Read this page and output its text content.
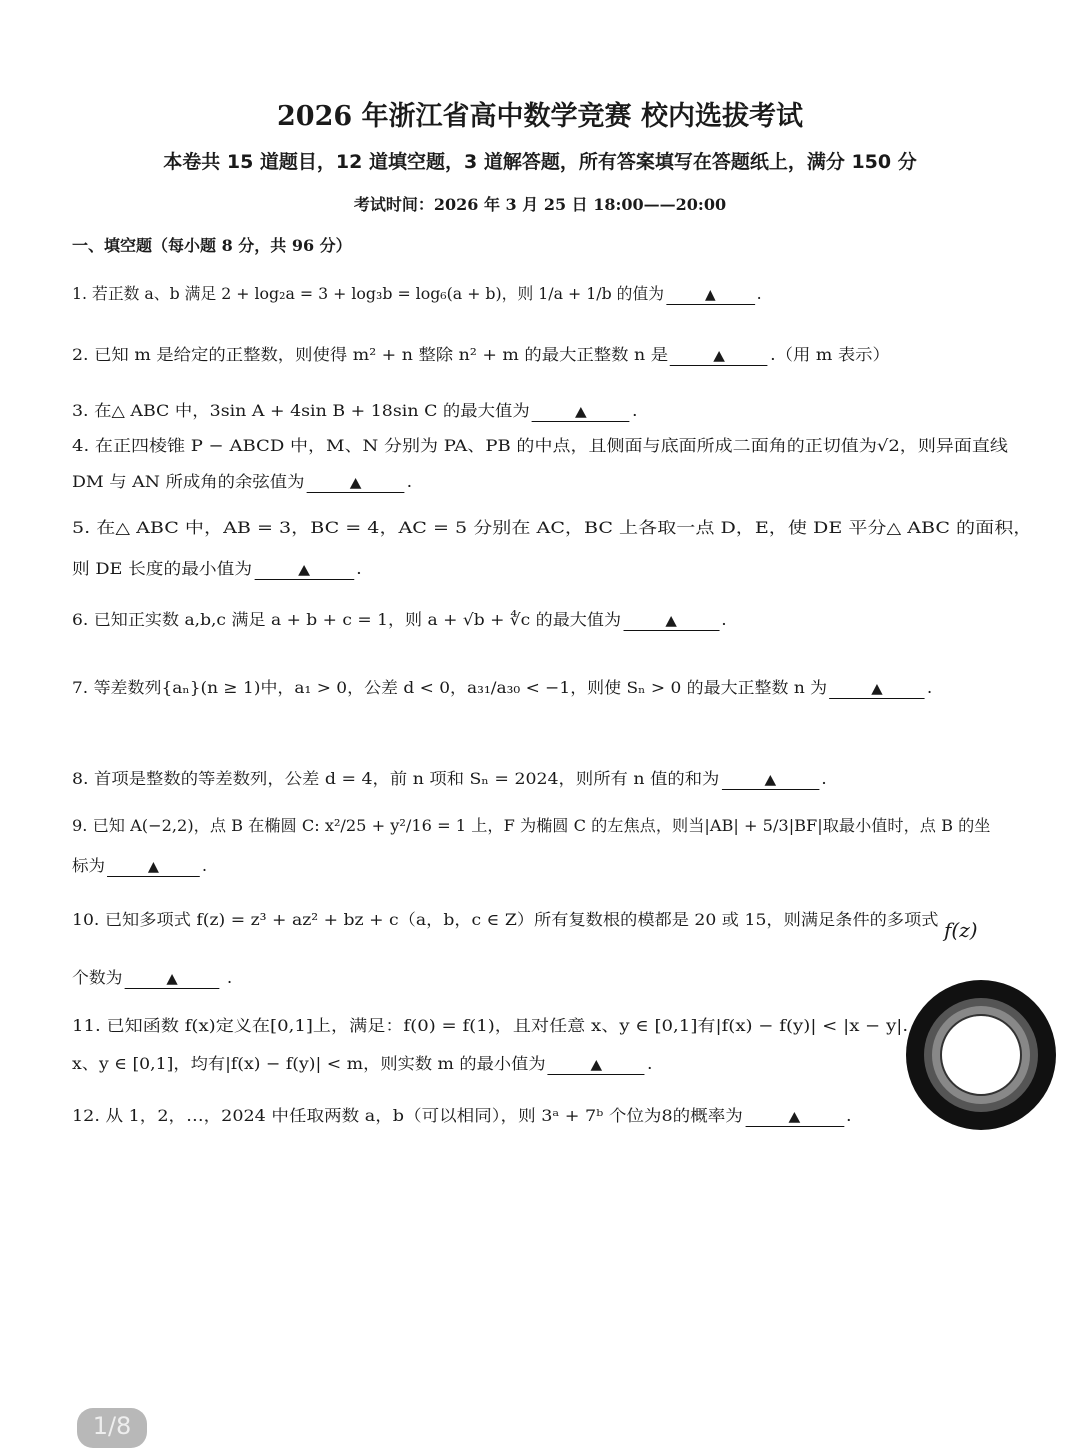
2026 年浙江省高中数学竞赛 校内选拔考试
本卷共 15 道题目，12 道填空题，3 道解答题，所有答案填写在答题纸上，满分 150 分
考试时间：2026 年 3 月 25 日 18:00——20:00
一、填空题（每小题 8 分，共 96 分）
1. 若正数 a、b 满足 2 + log₂a = 3 + log₃b = log₆(a + b)，则 1/a + 1/b 的值为	▲	.
2. 已知 m 是给定的正整数，则使得 m² + n 整除 n² + m 的最大正整数 n 是	▲	.（用 m 表示）
3. 在△ ABC 中，3sin A + 4sin B + 18sin C 的最大值为	▲	.
4. 在正四棱锥 P − ABCD 中，M、N 分别为 PA、PB 的中点，且侧面与底面所成二面角的正切值为√2，则异面直线
DM 与 AN 所成角的余弦值为	▲	.
5. 在△ ABC 中，AB = 3，BC = 4，AC = 5 分别在 AC，BC 上各取一点 D，E，使 DE 平分△ ABC 的面积，
则 DE 长度的最小值为	▲	.
6. 已知正实数 a,b,c 满足 a + b + c = 1，则 a + √b + ∜c 的最大值为	▲	.
7. 等差数列{aₙ}(n ≥ 1)中，a₁ > 0，公差 d < 0，a₃₁/a₃₀ < −1，则使 Sₙ > 0 的最大正整数 n 为	▲	.
8. 首项是整数的等差数列，公差 d = 4，前 n 项和 Sₙ = 2024，则所有 n 值的和为	▲	.
9. 已知 A(−2,2)，点 B 在椭圆 C: x²/25 + y²/16 = 1 上，F 为椭圆 C 的左焦点，则当|AB| + 5/3|BF|取最小值时，点 B 的坐
标为	▲	.
10. 已知多项式 f(z) = z³ + az² + bz + c（a，b，c ∈ Z）所有复数根的模都是 20 或 15，则满足条件的多项式
个数为	▲	.
11. 已知函数 f(x)定义在[0,1]上，满足：f(0) = f(1)，且对任意 x、y ∈ [0,1]有|f(x) − f(y)| < |x − y|.
x、y ∈ [0,1]，均有|f(x) − f(y)| < m，则实数 m 的最小值为	▲	.
12. 从 1，2，…，2024 中任取两数 a，b（可以相同），则 3ᵃ + 7ᵇ 个位为8的概率为	▲	.
f(z)
1/8
